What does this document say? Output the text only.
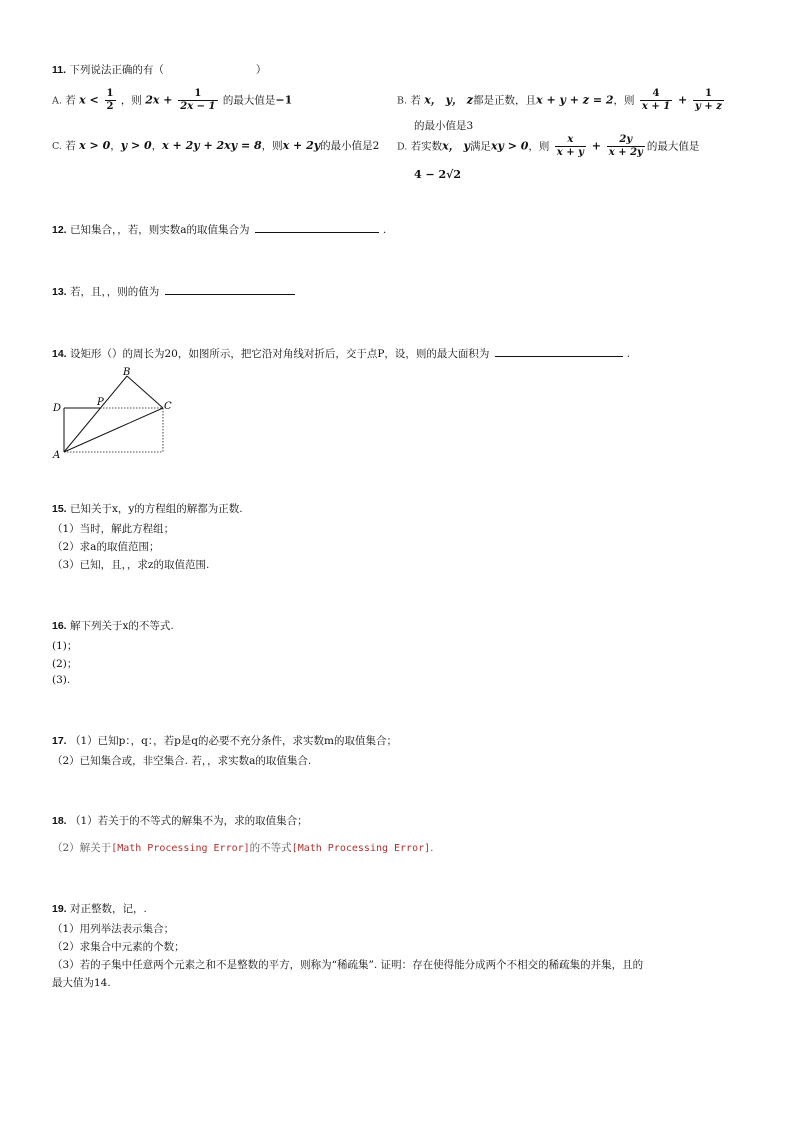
11. 下列说法正确的有（	）
A. 若 $x < \frac{1}{2}$ ，则 $2x + \frac{1}{2x - 1}$ 的最大值是−1	B. 若 x， y， z都是正数，且x + y + z = 2，则 $\frac{4}{x + 1} + \frac{1}{y + z}$
的最小值是3
C. 若 x > 0，y > 0，x + 2y + 2xy = 8，则x + 2y的最小值是2 D. 若实数x， y满足xy > 0，则 $\frac{x}{x + y} + \frac{2y}{x + 2y}$ 的最大值是
4 − 2√2
12. 已知集合，，若，则实数a的取值集合为	.
13. 若，且，，则的值为
14. 设矩形（）的周长为20，如图所示，把它沿对角线对折后，交于点P，设，则的最大面积为	.
B
D
P	C
A
15. 已知关于x，y的方程组的解都为正数.
（1）当时，解此方程组；
（2）求a的取值范围；
（3）已知，且，，求z的取值范围.
16. 解下列关于x的不等式.
(1)；
(2)；
(3).
17. （1）已知p：，q：，若p是q的必要不充分条件，求实数m的取值集合；
（2）已知集合或，非空集合. 若，，求实数a的取值集合.
18. （1）若关于的不等式的解集不为，求的取值集合；
（2）解关于[Math Processing Error]的不等式[Math Processing Error].
19. 对正整数，记，.
（1）用列举法表示集合；
（2）求集合中元素的个数；
（3）若的子集中任意两个元素之和不是整数的平方，则称为“稀疏集”. 证明：存在使得能分成两个不相交的稀疏集的并集，且的
最大值为14.
